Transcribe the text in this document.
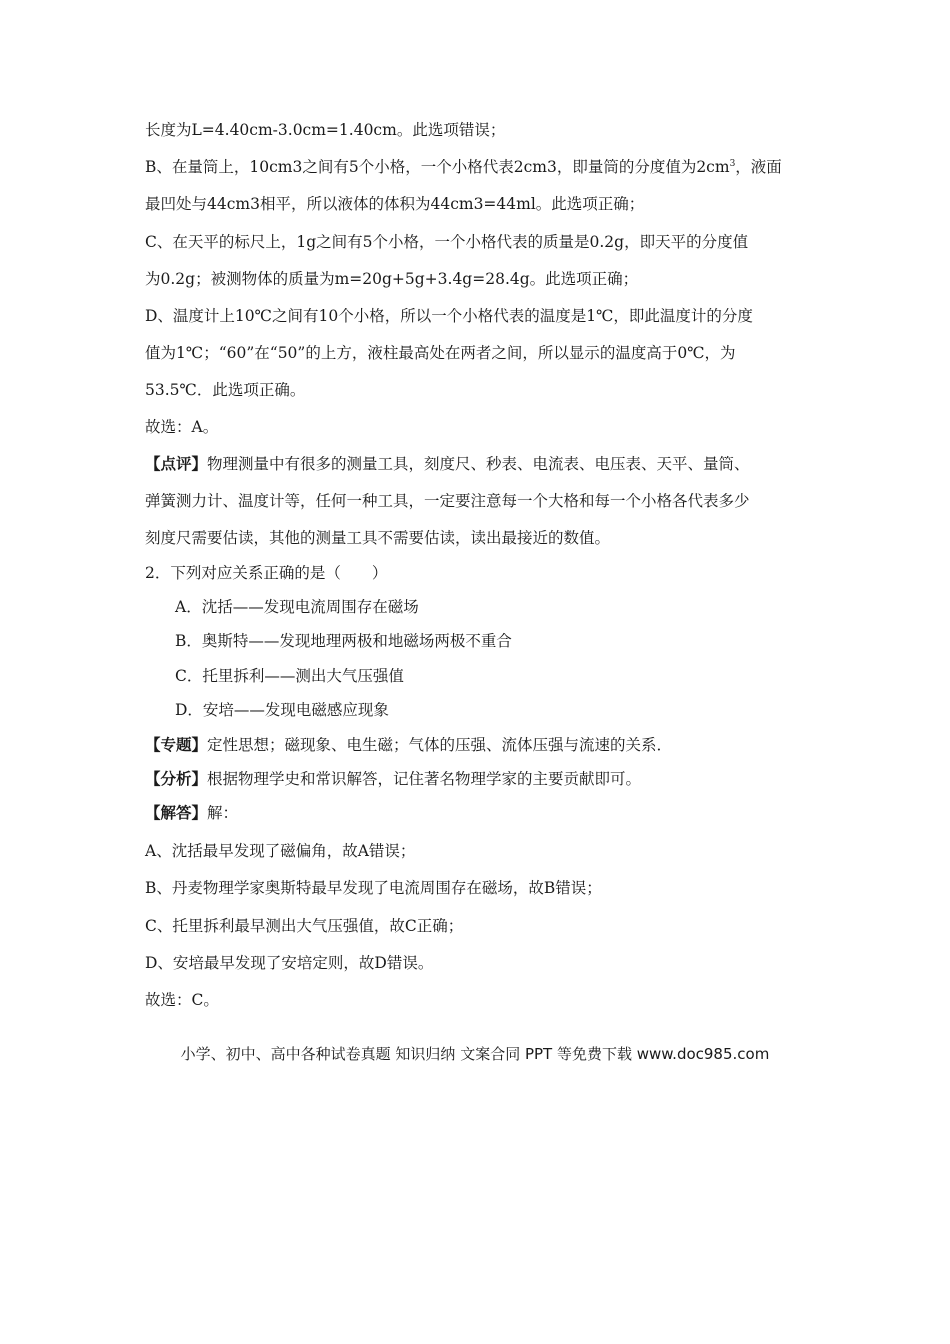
长度为L=4.40cm-3.0cm=1.40cm。此选项错误；
B、在量筒上，10cm3之间有5个小格，一个小格代表2cm3，即量筒的分度值为$2cm^3$，液面
最凹处与44cm3相平，所以液体的体积为44cm3=44ml。此选项正确；
C、在天平的标尺上，1g之间有5个小格，一个小格代表的质量是0.2g，即天平的分度值
为0.2g；被测物体的质量为m=20g+5g+3.4g=28.4g。此选项正确；
D、温度计上10℃之间有10个小格，所以一个小格代表的温度是1℃，即此温度计的分度
值为1℃；“60”在“50”的上方，液柱最高处在两者之间，所以显示的温度高于0℃，为
53.5℃．此选项正确。
故选：A。
【点评】物理测量中有很多的测量工具，刻度尺、秒表、电流表、电压表、天平、量筒、
弹簧测力计、温度计等，任何一种工具，一定要注意每一个大格和每一个小格各代表多少
刻度尺需要估读，其他的测量工具不需要估读，读出最接近的数值。
2．下列对应关系正确的是（　　）
A．沈括——发现电流周围存在磁场
B．奥斯特——发现地理两极和地磁场两极不重合
C．托里拆利——测出大气压强值
D．安培——发现电磁感应现象
【专题】定性思想；磁现象、电生磁；气体的压强、流体压强与流速的关系．
【分析】根据物理学史和常识解答，记住著名物理学家的主要贡献即可。
【解答】解：
A、沈括最早发现了磁偏角，故A错误；
B、丹麦物理学家奥斯特最早发现了电流周围存在磁场，故B错误；
C、托里拆利最早测出大气压强值，故C正确；
D、安培最早发现了安培定则，故D错误。
故选：C。
小学、初中、高中各种试卷真题 知识归纳 文案合同 PPT 等免费下载 www.doc985.com
